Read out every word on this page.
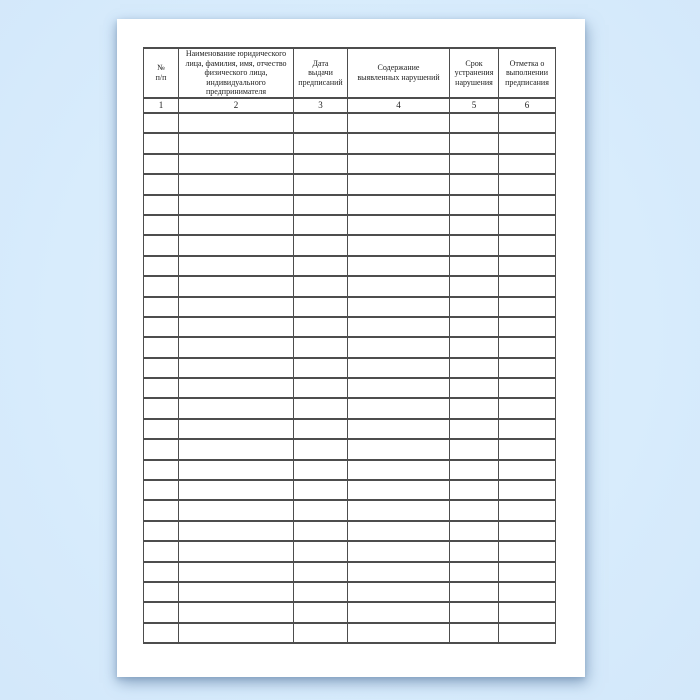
№
п/п	Наименование юридического
лица, фамилия, имя, отчество
физического лица,
индивидуального
предпринимателя	Дата
выдачи
предписаний	Содержание
выявленных нарушений	Срок
устранения
нарушения	Отметка о
выполнении
предписания
1	2	3	4	5	6
